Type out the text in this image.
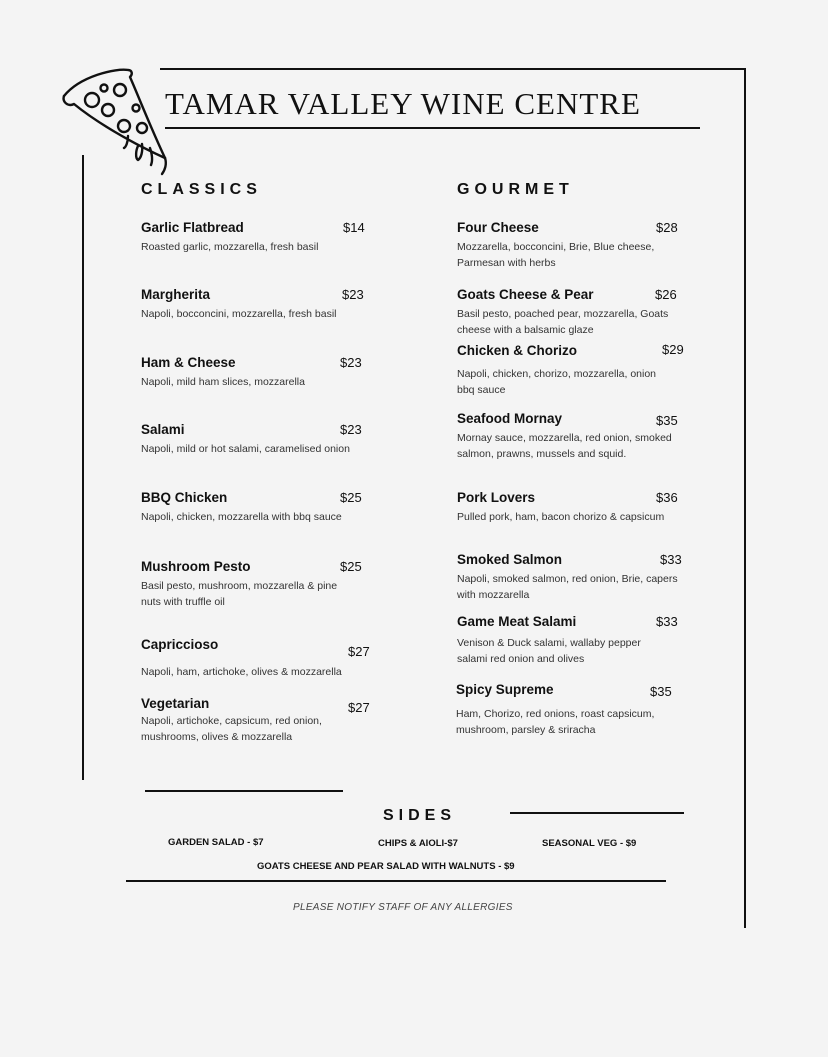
TAMAR VALLEY WINE CENTRE
CLASSICS
Garlic Flatbread	$14
Roasted garlic, mozzarella, fresh basil
Margherita	$23
Napoli, bocconcini, mozzarella, fresh basil
Ham & Cheese	$23
Napoli, mild ham slices, mozzarella
Salami	$23
Napoli, mild or hot salami, caramelised onion
BBQ Chicken	$25
Napoli, chicken, mozzarella with bbq sauce
Mushroom Pesto	$25
Basil pesto, mushroom, mozzarella & pine nuts with truffle oil
Capriccioso	$27
Napoli, ham, artichoke, olives & mozzarella
Vegetarian	$27
Napoli, artichoke, capsicum, red onion, mushrooms, olives & mozzarella
GOURMET
Four Cheese	$28
Mozzarella, bocconcini, Brie, Blue cheese, Parmesan with herbs
Goats Cheese & Pear	$26
Basil pesto, poached pear, mozzarella, Goats cheese with a balsamic glaze
Chicken & Chorizo	$29
Napoli, chicken, chorizo, mozzarella, onion bbq sauce
Seafood Mornay	$35
Mornay sauce, mozzarella, red onion, smoked salmon, prawns, mussels and squid.
Pork Lovers	$36
Pulled pork, ham, bacon chorizo & capsicum
Smoked Salmon	$33
Napoli, smoked salmon, red onion, Brie, capers with mozzarella
Game Meat Salami	$33
Venison & Duck salami, wallaby pepper salami red onion and olives
Spicy Supreme	$35
Ham, Chorizo, red onions, roast capsicum, mushroom, parsley & sriracha
SIDES
GARDEN SALAD - $7	CHIPS & AIOLI-$7	SEASONAL VEG - $9
GOATS CHEESE AND PEAR SALAD WITH WALNUTS - $9
PLEASE NOTIFY STAFF OF ANY ALLERGIES
